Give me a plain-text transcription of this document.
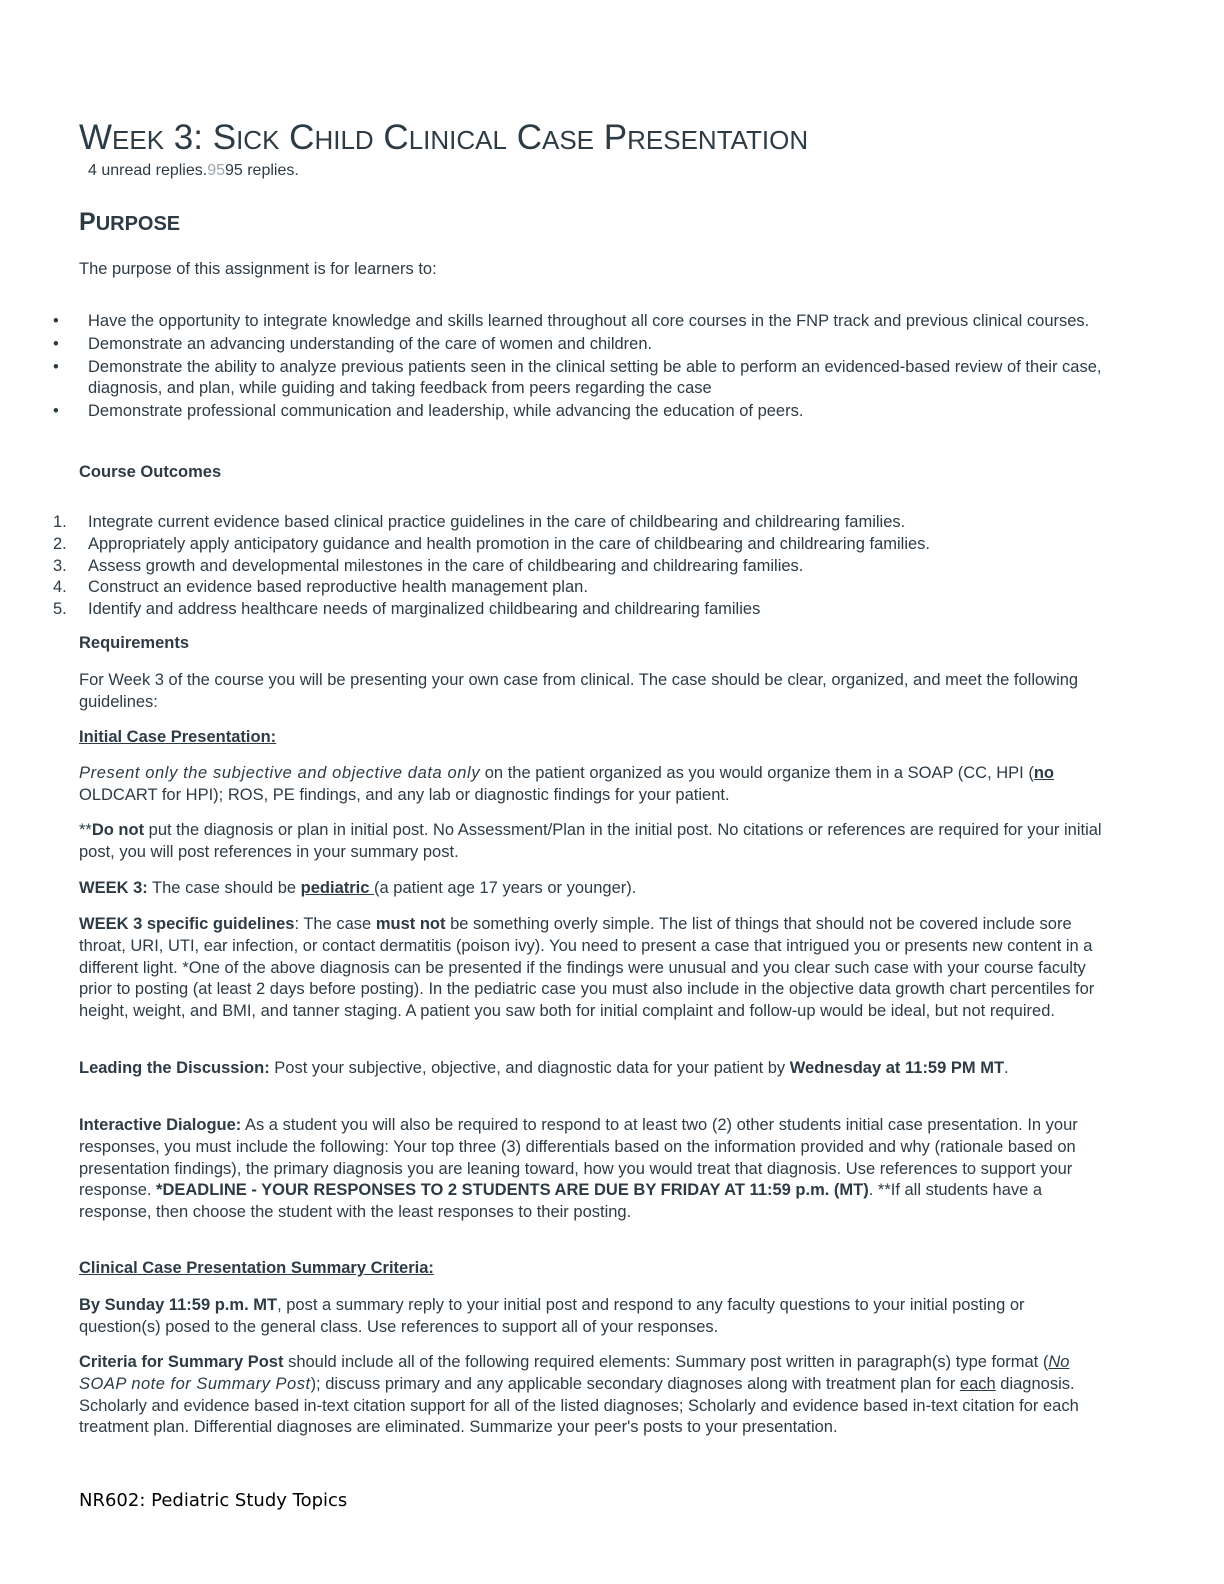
WEEK 3: SICK CHILD CLINICAL CASE PRESENTATION
4 unread replies.9595 replies.
PURPOSE

The purpose of this assignment is for learners to:

• Have the opportunity to integrate knowledge and skills learned throughout all core courses in the FNP track and previous clinical courses.
• Demonstrate an advancing understanding of the care of women and children.
• Demonstrate the ability to analyze previous patients seen in the clinical setting be able to perform an evidenced-based review of their case, diagnosis, and plan, while guiding and taking feedback from peers regarding the case
• Demonstrate professional communication and leadership, while advancing the education of peers.
Course Outcomes
1. Integrate current evidence based clinical practice guidelines in the care of childbearing and childrearing families.
2. Appropriately apply anticipatory guidance and health promotion in the care of childbearing and childrearing families.
3. Assess growth and developmental milestones in the care of childbearing and childrearing families.
4. Construct an evidence based reproductive health management plan.
5. Identify and address healthcare needs of marginalized childbearing and childrearing families
Requirements

For Week 3 of the course you will be presenting your own case from clinical. The case should be clear, organized, and meet the following guidelines:

Initial Case Presentation:

Present only the subjective and objective data only on the patient organized as you would organize them in a SOAP (CC, HPI (no OLDCART for HPI); ROS, PE findings, and any lab or diagnostic findings for your patient.

**Do not put the diagnosis or plan in initial post. No Assessment/Plan in the initial post. No citations or references are required for your initial post, you will post references in your summary post.

WEEK 3: The case should be pediatric (a patient age 17 years or younger).

WEEK 3 specific guidelines: The case must not be something overly simple. The list of things that should not be covered include sore throat, URI, UTI, ear infection, or contact dermatitis (poison ivy). You need to present a case that intrigued you or presents new content in a different light. *One of the above diagnosis can be presented if the findings were unusual and you clear such case with your course faculty prior to posting (at least 2 days before posting). In the pediatric case you must also include in the objective data growth chart percentiles for height, weight, and BMI, and tanner staging. A patient you saw both for initial complaint and follow-up would be ideal, but not required.

Leading the Discussion: Post your subjective, objective, and diagnostic data for your patient by Wednesday at 11:59 PM MT.

Interactive Dialogue: As a student you will also be required to respond to at least two (2) other students initial case presentation. In your responses, you must include the following: Your top three (3) differentials based on the information provided and why (rationale based on presentation findings), the primary diagnosis you are leaning toward, how you would treat that diagnosis. Use references to support your response. *DEADLINE - YOUR RESPONSES TO 2 STUDENTS ARE DUE BY FRIDAY AT 11:59 p.m. (MT). **If all students have a response, then choose the student with the least responses to their posting.

Clinical Case Presentation Summary Criteria:

By Sunday 11:59 p.m. MT, post a summary reply to your initial post and respond to any faculty questions to your initial posting or question(s) posed to the general class. Use references to support all of your responses.

Criteria for Summary Post should include all of the following required elements: Summary post written in paragraph(s) type format (No SOAP note for Summary Post); discuss primary and any applicable secondary diagnoses along with treatment plan for each diagnosis. Scholarly and evidence based in-text citation support for all of the listed diagnoses; Scholarly and evidence based in-text citation for each treatment plan. Differential diagnoses are eliminated. Summarize your peer's posts to your presentation.

NR602: Pediatric Study Topics
